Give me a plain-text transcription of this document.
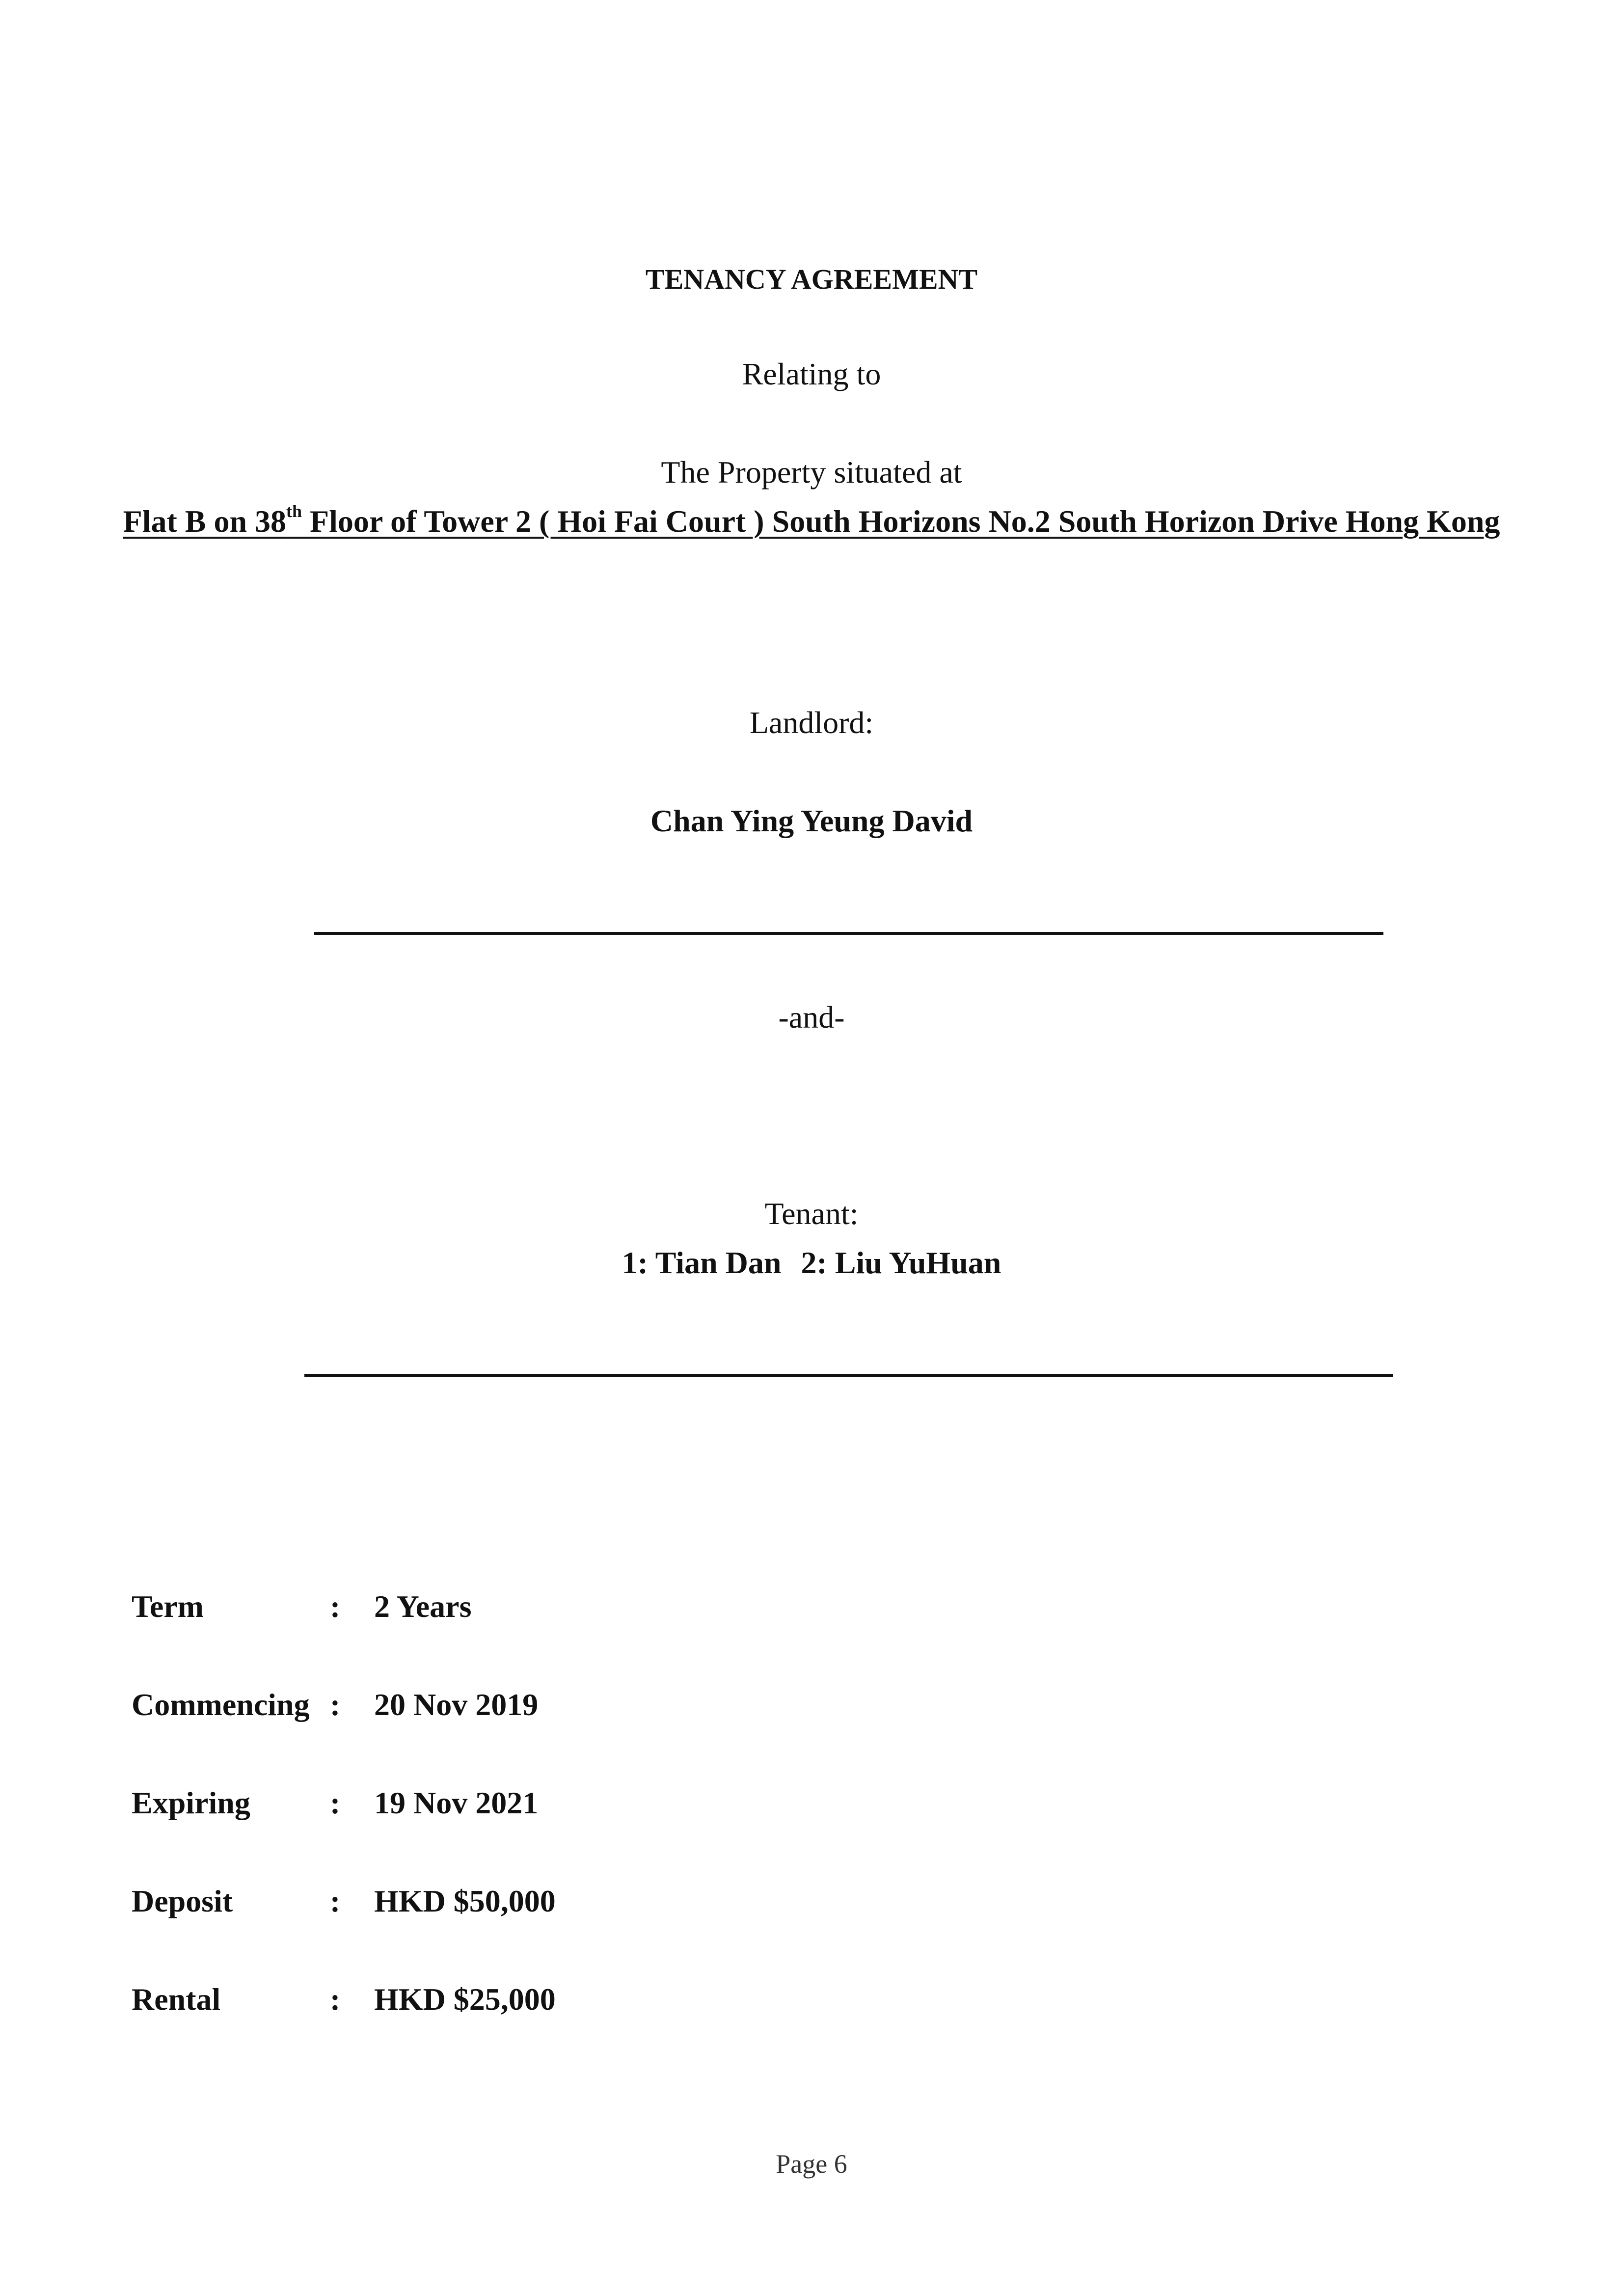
TENANCY AGREEMENT
Relating to
The Property situated at
Flat B on 38th Floor of Tower 2 ( Hoi Fai Court ) South Horizons No.2 South Horizon Drive Hong Kong
Landlord:
Chan Ying Yeung David
-and-
Tenant:
1: Tian Dan 2: Liu YuHuan
Term	: 2 Years
Commencing : 20 Nov 2019
Expiring	: 19 Nov 2021
Deposit	: HKD $50,000
Rental	: HKD $25,000
Page 6
